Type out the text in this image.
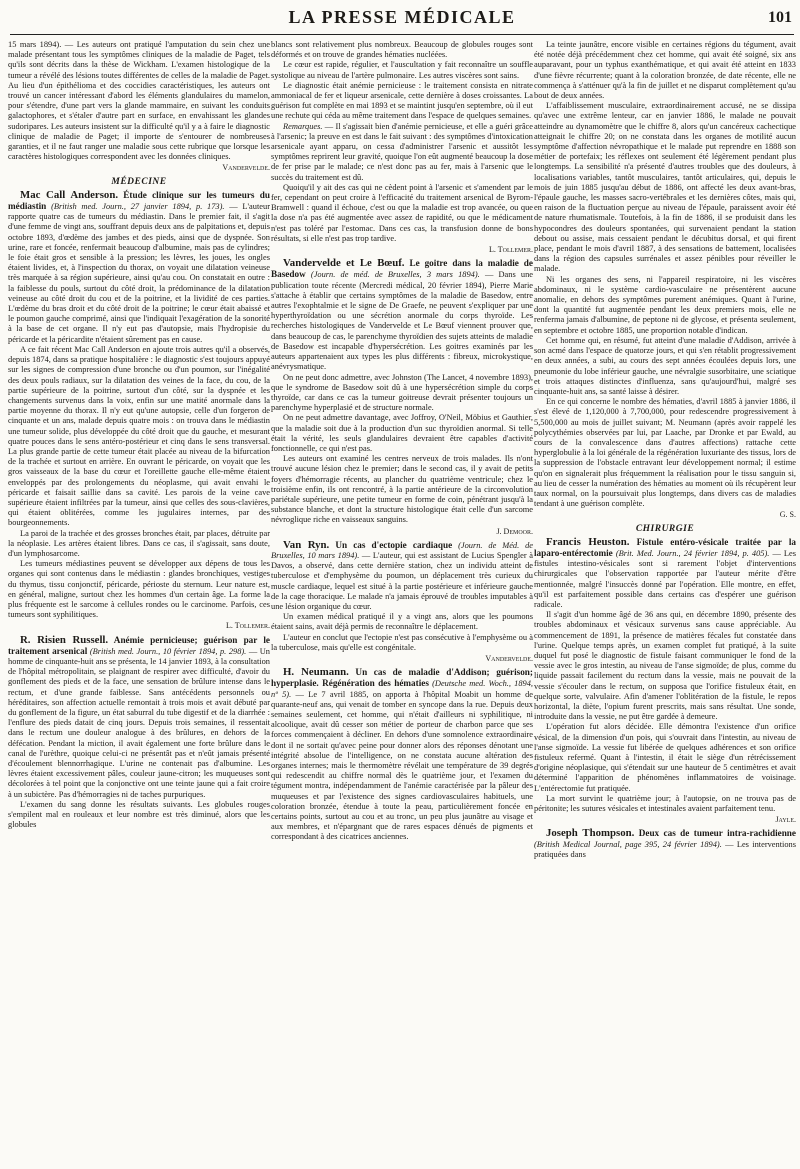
LA PRESSE MÉDICALE	101

15 mars 1894). — Les auteurs ont pratiqué l'amputation du sein chez une malade présentant tous les symptômes cliniques de la maladie de Paget, tels qu'ils sont décrits dans la thèse de Wickham. L'examen histologique de la tumeur a révélé des lésions toutes différentes de celles de la maladie de Paget. Au lieu d'un épithélioma et des coccidies caractéristiques, les auteurs ont trouvé un cancer intéressant d'abord les éléments glandulaires du mamelon, pour s'étendre, d'une part vers la glande mammaire, en suivant les conduits galactophores, et s'étaler d'autre part en surface, en envahissant les glandes sudoripares. Les auteurs insistent sur la difficulté qu'il y a à faire le diagnostic clinique de maladie de Paget; il importe de s'entourer de nombreuses garanties, et il ne faut ranger une maladie sous cette rubrique que lorsque les caractères histologiques correspondent avec les données cliniques.

Vandervelde.
MÉDECINE

Mac Call Anderson. Étude clinique sur les tumeurs du médiastin (British med. Journ., 27 janvier 1894, p. 173). — L'auteur rapporte quatre cas de tumeurs du médiastin. Dans le premier fait, il s'agit d'une femme de vingt ans, souffrant depuis deux ans de palpitations et, depuis octobre 1893, d'œdème des jambes et des pieds, ainsi que de dyspnée. Son urine, rare et foncée, renfermait beaucoup d'albumine, mais pas de cylindres; le foie était gros et sensible à la pression; les lèvres, les joues, les ongles étaient livides, et, à l'inspection du thorax, on voyait une dilatation veineuse très marquée à sa région supérieure, ainsi qu'au cou. On constatait en outre : la faiblesse du pouls, surtout du côté droit, la prédominance de la dilatation veineuse au côté droit du cou et de la poitrine, et la lividité de ces parties. L'œdème du bras droit et du côté droit de la poitrine; le cœur était abaissé et le poumon gauche comprimé, ainsi que l'indiquait l'exagération de la sonorité à la base de cet organe. Il n'y eut pas d'autopsie, mais l'hydropisie du péricarde et la péricardite n'étaient sûrement pas en cause.

A ce fait récent Mac Call Anderson en ajoute trois autres qu'il a observés, depuis 1874, dans sa pratique hospitalière : le diagnostic s'est toujours appuyé sur les signes de compression d'une bronche ou d'un poumon, sur l'inégalité des deux pouls radiaux, sur la dilatation des veines de la face, du cou, de la partie supérieure de la poitrine, surtout d'un côté, sur la dyspnée et les changements survenus dans la voix, enfin sur une matité anormale dans la partie moyenne du thorax. Il n'y eut qu'une autopsie, celle d'un forgeron de cinquante et un ans, malade depuis quatre mois : on trouva dans le médiastin une tumeur solide, plus développée du côté droit que du gauche, et mesurant quatre pouces dans le sens antéro-postérieur et cinq dans le sens transversal. La plus grande partie de cette tumeur était placée au niveau de la bifurcation de la trachée et surtout en arrière. En ouvrant le péricarde, on voyait que les gros vaisseaux de la base du cœur et l'oreillette gauche elle-même étaient enveloppés par des prolongements du néoplasme, qui avait envahi le péricarde et faisait saillie dans sa cavité. Les parois de la veine cave supérieure étaient infiltrées par la tumeur, ainsi que celles des sous-clavières, qui étaient oblitérées, comme les jugulaires internes, par des bourgeonnements.

La paroi de la trachée et des grosses bronches était, par places, détruite par la néoplasie. Les artères étaient libres. Dans ce cas, il s'agissait, sans doute, d'un lymphosarcome.

Les tumeurs médiastines peuvent se développer aux dépens de tous les organes qui sont contenus dans le médiastin : glandes bronchiques, vestiges du thymus, tissu conjonctif, péricarde, périoste du sternum. Leur nature est, en général, maligne, surtout chez les hommes d'un certain âge. La forme la plus fréquente est le sarcome à cellules rondes ou le carcinome. Parfois, ces tumeurs sont syphilitiques.

L. Tollemer.

R. Risien Russell. Anémie pernicieuse; guérison par le traitement arsenical (British med. Journ., 10 février 1894, p. 298). — Un homme de cinquante-huit ans se présenta, le 14 janvier 1893, à la consultation de l'hôpital métropolitain, se plaignant de respirer avec difficulté, d'avoir du gonflement des pieds et de la face, une sensation de brûlure intense dans le rectum, et d'une grande faiblesse. Sans antécédents personnels ou héréditaires, son affection actuelle remontait à trois mois et avait débuté par du gonflement de la figure, un état saburral du tube digestif et de la diarrhée : l'enflure des pieds datait de cinq jours. Depuis trois semaines, il ressentait dans le rectum une douleur analogue à des brûlures, en dehors de la défécation. Pendant la miction, il avait également une forte brûlure dans le canal de l'urèthre, quoique celui-ci ne présentât pas et n'eût jamais présenté d'écoulement blennorrhagique. L'urine ne contenait pas d'albumine. Les lèvres étaient excessivement pâles, couleur jaune-citron; les muqueuses sont décolorées à tel point que la conjonctive ont une teinte jaune qui a fait croire à un subictère. Pas d'hémorragies ni de taches purpuriques.

L'examen du sang donne les résultats suivants. Les globules rouges s'empilent mal en rouleaux et leur nombre est très diminué, alors que les globules

blancs sont relativement plus nombreux. Beaucoup de globules rouges sont déformés et on trouve de grandes hématies nucléées.

Le cœur est rapide, régulier, et l'auscultation y fait reconnaître un souffle systolique au niveau de l'artère pulmonaire. Les autres viscères sont sains.

Le diagnostic était anémie pernicieuse : le traitement consista en nitrate ammoniacal de fer et liqueur arsenicale, cette dernière à doses croissantes. La guérison fut complète en mai 1893 et se maintint jusqu'en septembre, où il eut une rechute qui céda au même traitement dans l'espace de quelques semaines.

Remarques. — Il s'agissait bien d'anémie pernicieuse, et elle a guéri grâce à l'arsenic; la preuve en est dans le fait suivant : des symptômes d'intoxication arsenicale ayant apparu, on cessa d'administrer l'arsenic et aussitôt les symptômes reprirent leur gravité, quoique l'on eût augmenté beaucoup la dose de fer prise par le malade; ce n'est donc pas au fer, mais à l'arsenic que le succès du traitement est dû.

Quoiqu'il y ait des cas qui ne cèdent point à l'arsenic et s'amendent par le fer, cependant on peut croire à l'efficacité du traitement arsenical de Byrom-Bramwell : quand il échoue, c'est ou que la maladie est trop avancée, ou que la dose n'a pas été augmentée avec assez de rapidité, ou que le médicament n'est pas toléré par l'estomac. Dans ces cas, la transfusion donne de bons résultats, si elle n'est pas trop tardive.

L. Tollemer.

Vandervelde et Le Bœuf. Le goitre dans la maladie de Basedow (Journ. de méd. de Bruxelles, 3 mars 1894). — Dans une publication toute récente (Mercredi médical, 20 février 1894), Pierre Marie s'attache à établir que certains symptômes de la maladie de Basedow, entre autres l'exophtalmie et le signe de De Graefe, ne peuvent s'expliquer par une hyperthyroïdation ou une sécrétion anormale du corps thyroïde. Les recherches histologiques de Vandervelde et Le Bœuf viennent prouver que, dans beaucoup de cas, le parenchyme thyroïdien des sujets atteints de maladie de Basedow est incapable d'hypersécrétion. Les goitres examinés par les auteurs appartenaient aux types les plus différents : fibreux, microkystique, anévrysmatique.

On ne peut donc admettre, avec Johnston (The Lancet, 4 novembre 1893), que le syndrome de Basedow soit dû à une hypersécrétion simple du corps thyroïde, car dans ce cas la tumeur goitreuse devrait présenter toujours un parenchyme hyperplasié et de structure normale.

On ne peut admettre davantage, avec Joffroy, O'Neil, Möbius et Gauthier, que la maladie soit due à la production d'un suc thyroïdien anormal. Si telle était la vérité, les seuls glandulaires devraient être capables d'activité fonctionnelle, ce qui n'est pas.

Les auteurs ont examiné les centres nerveux de trois malades. Ils n'ont trouvé aucune lésion chez le premier; dans le second cas, il y avait de petits foyers d'hémorragie récents, au plancher du quatrième ventricule; chez le troisième enfin, ils ont rencontré, à la partie antérieure de la circonvolution pariétale supérieure, une petite tumeur en forme de coin, pénétrant jusqu'à la substance blanche, et dont la structure histologique était celle d'un sarcome névroglique riche en vaisseaux sanguins.

J. Demoor.

Van Ryn. Un cas d'ectopie cardiaque (Journ. de Méd. de Bruxelles, 10 mars 1894). — L'auteur, qui est assistant de Lucius Spengler à Davos, a observé, dans cette dernière station, chez un individu atteint de tuberculose et d'emphysème du poumon, un déplacement très curieux du muscle cardiaque, lequel est situé à la partie postérieure et inférieure gauche de la cage thoracique. Le malade n'a jamais éprouvé de troubles imputables à une lésion organique du cœur.

Un examen médical pratiqué il y a vingt ans, alors que les poumons étaient sains, avait déjà permis de reconnaître le déplacement.

L'auteur en conclut que l'ectopie n'est pas consécutive à l'emphysème ou à la tuberculose, mais qu'elle est congénitale.

Vandervelde.

H. Neumann. Un cas de maladie d'Addison; guérison; hyperplasie. Régénération des hématies (Deutsche med. Woch., 1894, nº 5). — Le 7 avril 1885, on apporta à l'hôpital Moabit un homme de quarante-neuf ans, qui venait de tomber en syncope dans la rue. Depuis deux semaines seulement, cet homme, qui n'était d'ailleurs ni syphilitique, ni alcoolique, avait dû cesser son métier de porteur de charbon parce que ses forces commençaient à décliner. En dehors d'une somnolence extraordinaire dont il ne sortait qu'avec peine pour donner alors des réponses dénotant une intégrité absolue de l'intelligence, on ne constata aucune altération des organes internes; mais le thermomètre révélait une température de 39 degrés qui redescendit au chiffre normal dès le quatrième jour, et l'examen du tégument montra, indépendamment de l'anémie caractérisée par la pâleur des muqueuses et par l'existence des signes cardiovasculaires habituels, une coloration bronzée, étendue à toute la peau, particulièrement foncée en certains points, surtout au cou et au tronc, un peu plus jaunâtre au visage et aux membres, et n'épargnant que de rares espaces dénués de pigments et correspondant à des cicatrices anciennes.

La teinte jaunâtre, encore visible en certaines régions du tégument, avait été notée déjà précédemment chez cet homme, qui avait été soigné, six ans auparavant, pour un typhus exanthématique, et qui avait été atteint en 1833 d'une fièvre récurrente; quant à la coloration bronzée, de date récente, elle ne commença à s'atténuer qu'à la fin de juillet et ne disparut complètement qu'au bout de deux années.

L'affaiblissement musculaire, extraordinairement accusé, ne se dissipa qu'avec une extrême lenteur, car en janvier 1886, le malade ne pouvait atteindre au dynamomètre que le chiffre 8, alors qu'un cancéreux cachectique atteignait le chiffre 20; on ne constata dans les organes de motilité aucun symptôme d'affection névropathique et le malade put reprendre en 1888 son métier de portefaix; les réflexes ont seulement été légèrement pendant plus longtemps. La sensibilité n'a présenté d'autres troubles que des douleurs, à localisations variables, tantôt musculaires, tantôt articulaires, qui, depuis le mois de juin 1885 jusqu'au début de 1886, ont affecté les deux avant-bras, l'épaule gauche, les masses sacro-vertébrales et les dernières côtes, mais qui, en raison de la fluctuation perçue au niveau de l'épaule, paraissent avoir été de nature rhumatismale. Toutefois, à la fin de 1886, il se produisit dans les hypocondres des douleurs spontanées, qui survenaient pendant la station debout ou assise, mais cessaient pendant le décubitus dorsal, et qui firent place, pendant le mois d'avril 1887, à des sensations de battement, localisées dans la région des capsules surrénales et assez pénibles pour réveiller le malade.

Ni les organes des sens, ni l'appareil respiratoire, ni les viscères abdominaux, ni le système cardio-vasculaire ne présentèrent aucune anomalie, en dehors des symptômes purement anémiques. Quant à l'urine, dont la quantité fut augmentée pendant les deux premiers mois, elle ne renferma jamais d'albumine, de peptone ni de glycose, et présenta seulement, en septembre et octobre 1885, une proportion notable d'indican.

Cet homme qui, en résumé, fut atteint d'une maladie d'Addison, arrivée à son acmé dans l'espace de quatorze jours, et qui s'en rétablit progressivement en deux années, a subi, au cours des sept années écoulées depuis lors, une pneumonie du lobe inférieur gauche, une névralgie susorbitaire, une sciatique et trois attaques distinctes d'influenza, sans qu'aujourd'hui, malgré ses cinquante-huit ans, sa santé laisse à désirer.

En ce qui concerne le nombre des hématies, d'avril 1885 à janvier 1886, il s'est élevé de 1,120,000 à 7,700,000, pour redescendre progressivement à 5,500,000 au mois de juillet suivant; M. Neumann (après avoir rappelé les polycythémies observées par lui, par Laache, par Dronke et par Ewald, au cours de la convalescence dans d'autres affections) rattache cette hyperglobulie à la loi générale de la régénération luxuriante des tissus, lors de la suppression de l'obstacle entravant leur développement normal; il estime qu'on en signalerait plus fréquemment la réalisation pour le tissu sanguin si, au lieu de cesser la numération des hématies au moment où ils récupèrent leur taux normal, on la poursuivait plus longtemps, dans divers cas de maladies tendant à une guérison complète.

G. S.
CHIRURGIE

Francis Heuston. Fistule entéro-vésicale traitée par la laparo-entérectomie (Brit. Med. Journ., 24 février 1894, p. 405). — Les fistules intestino-vésicales sont si rarement l'objet d'interventions chirurgicales que l'observation rapportée par l'auteur mérite d'être mentionnée, malgré l'insuccès donné par l'opération. Elle montre, en effet, qu'il est parfaitement possible dans certains cas d'espérer une guérison radicale.

Il s'agit d'un homme âgé de 36 ans qui, en décembre 1890, présente des troubles abdominaux et vésicaux survenus sans cause appréciable. Au commencement de 1891, la présence de matières fécales fut constatée dans l'urine. Quelque temps après, un examen complet fut pratiqué, à la suite duquel fut posé le diagnostic de fistule faisant communiquer le fond de la vessie avec le gros intestin, au niveau de l'anse sigmoïde; de plus, comme du liquide passait facilement du rectum dans la vessie, mais ne pouvait de la vessie s'écouler dans le rectum, on supposa que l'orifice fistuleux était, en quelque sorte, valvulaire. Afin d'amener l'oblitération de la fistule, le repos horizontal, la diète, l'opium furent prescrits, mais sans résultat. Une sonde, introduite dans la vessie, ne put être gardée à demeure.

L'opération fut alors décidée. Elle démontra l'existence d'un orifice vésical, de la dimension d'un pois, qui s'ouvrait dans l'intestin, au niveau de l'anse sigmoïde. La vessie fut libérée de quelques adhérences et son orifice fistuleux refermé. Quant à l'intestin, il était le siège d'un rétrécissement d'origine néoplasique, qui s'étendait sur une hauteur de 5 centimètres et avait déterminé l'apparition de phénomènes inflammatoires de voisinage. L'entérectomie fut pratiquée.

La mort survint le quatrième jour; à l'autopsie, on ne trouva pas de péritonite; les sutures vésicales et intestinales avaient parfaitement tenu.

Jayle.

Joseph Thompson. Deux cas de tumeur intra-rachidienne (British Medical Journal, page 395, 24 février 1894). — Les interventions pratiquées dans
